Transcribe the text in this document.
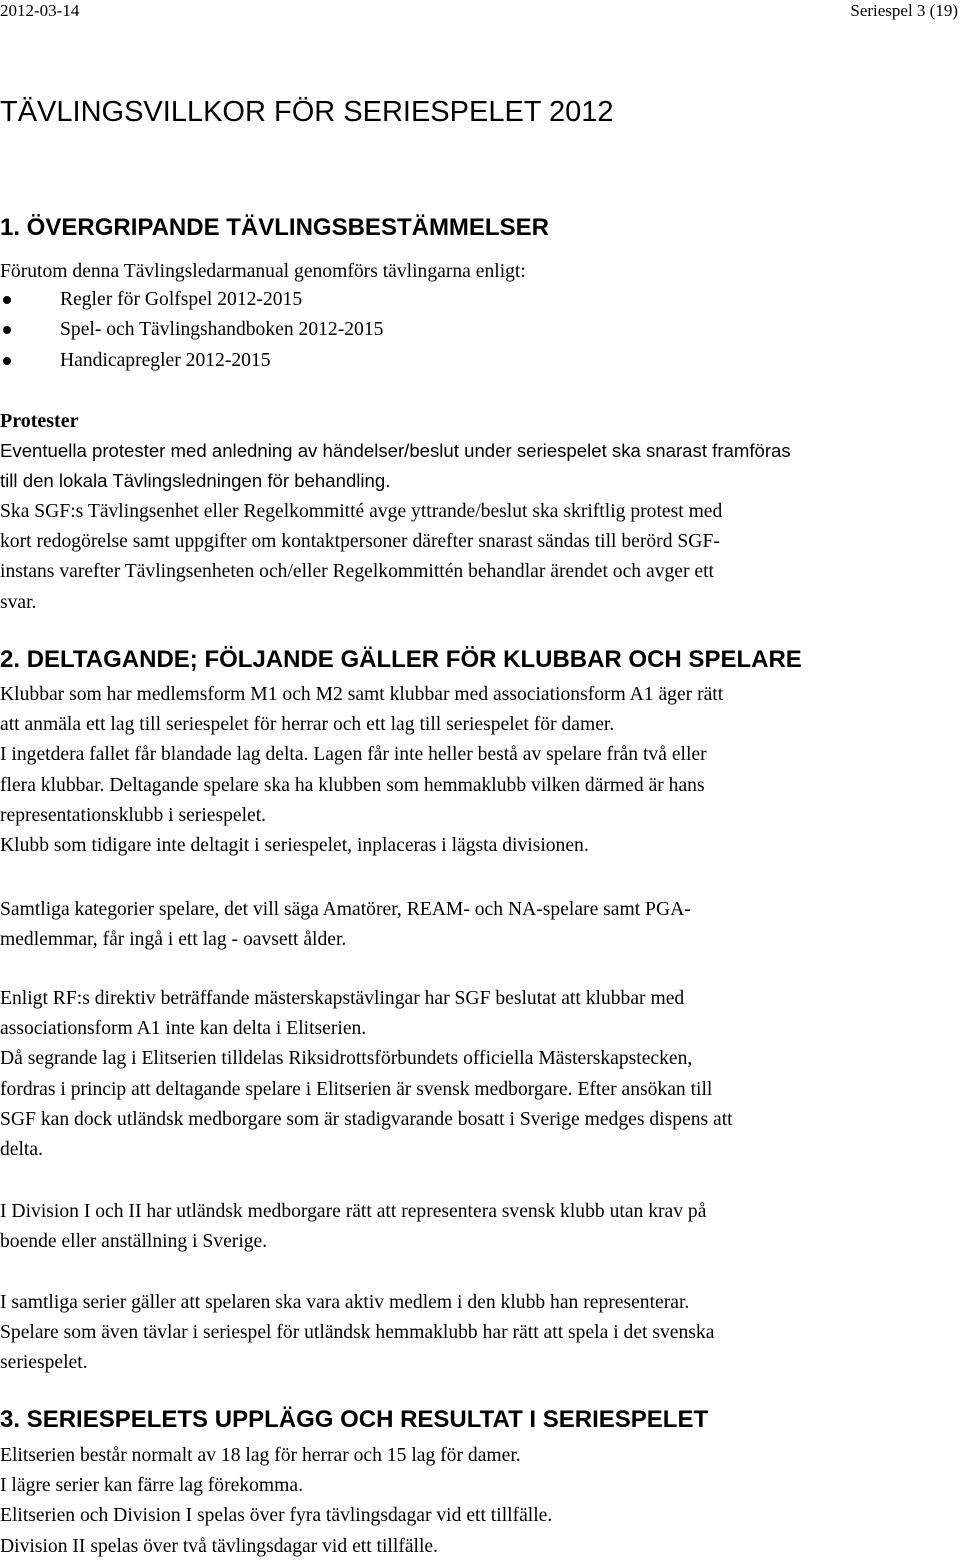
2012-03-14	Seriespel 3 (19)
TÄVLINGSVILLKOR FÖR SERIESPELET 2012
1. ÖVERGRIPANDE TÄVLINGSBESTÄMMELSER

Förutom denna Tävlingsledarmanual genomförs tävlingarna enligt:

Regler för Golfspel 2012-2015
Spel- och Tävlingshandboken 2012-2015
Handicapregler 2012-2015
Protester
Eventuella protester med anledning av händelser/beslut under seriespelet ska snarast framföras
till den lokala Tävlingsledningen för behandling.
Ska SGF:s Tävlingsenhet eller Regelkommitté avge yttrande/beslut ska skriftlig protest med
kort redogörelse samt uppgifter om kontaktpersoner därefter snarast sändas till berörd SGF-
instans varefter Tävlingsenheten och/eller Regelkommittén behandlar ärendet och avger ett
svar.
2. DELTAGANDE; FÖLJANDE GÄLLER FÖR KLUBBAR OCH SPELARE
Klubbar som har medlemsform M1 och M2 samt klubbar med associationsform A1 äger rätt
att anmäla ett lag till seriespelet för herrar och ett lag till seriespelet för damer.
I ingetdera fallet får blandade lag delta. Lagen får inte heller bestå av spelare från två eller
flera klubbar. Deltagande spelare ska ha klubben som hemmaklubb vilken därmed är hans
representationsklubb i seriespelet.
Klubb som tidigare inte deltagit i seriespelet, inplaceras i lägsta divisionen.
Samtliga kategorier spelare, det vill säga Amatörer, REAM- och NA-spelare samt PGA-
medlemmar, får ingå i ett lag - oavsett ålder.
Enligt RF:s direktiv beträffande mästerskapstävlingar har SGF beslutat att klubbar med
associationsform A1 inte kan delta i Elitserien.
Då segrande lag i Elitserien tilldelas Riksidrottsförbundets officiella Mästerskapstecken,
fordras i princip att deltagande spelare i Elitserien är svensk medborgare. Efter ansökan till
SGF kan dock utländsk medborgare som är stadigvarande bosatt i Sverige medges dispens att
delta.
I Division I och II har utländsk medborgare rätt att representera svensk klubb utan krav på
boende eller anställning i Sverige.
I samtliga serier gäller att spelaren ska vara aktiv medlem i den klubb han representerar.
Spelare som även tävlar i seriespel för utländsk hemmaklubb har rätt att spela i det svenska
seriespelet.
3. SERIESPELETS UPPLÄGG OCH RESULTAT I SERIESPELET
Elitserien består normalt av 18 lag för herrar och 15 lag för damer.
I lägre serier kan färre lag förekomma.
Elitserien och Division I spelas över fyra tävlingsdagar vid ett tillfälle.
Division II spelas över två tävlingsdagar vid ett tillfälle.
